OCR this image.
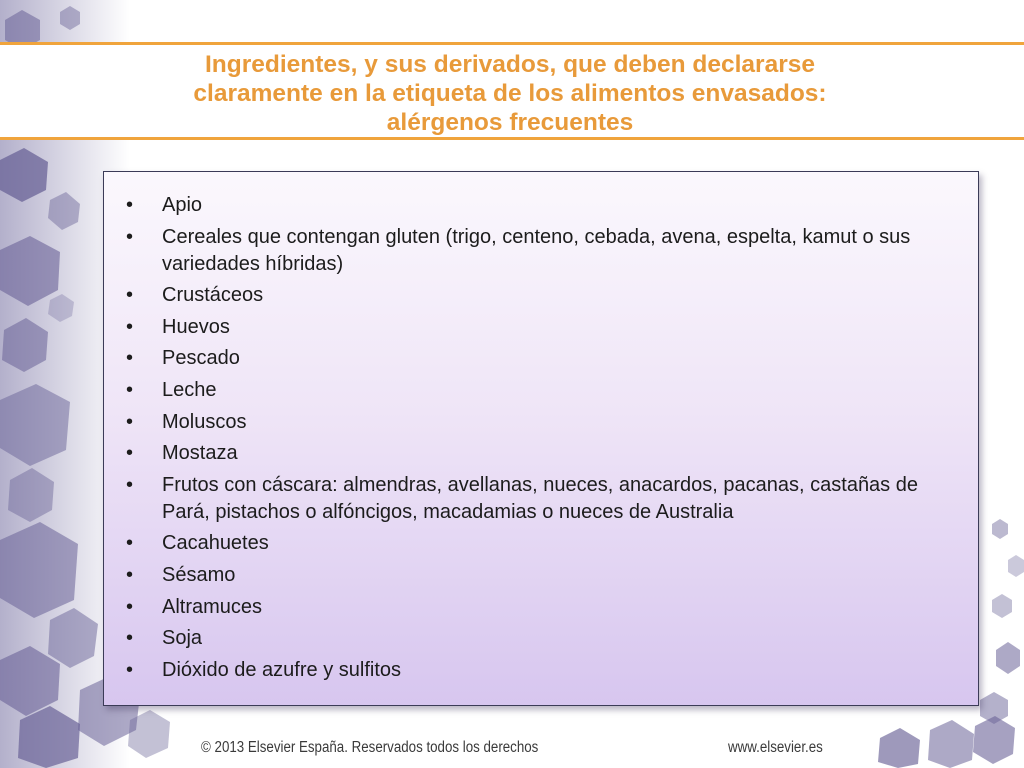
Ingredientes, y sus derivados, que deben declararse
claramente en la etiqueta de los alimentos envasados:
alérgenos frecuentes
•	Apio
•	Cereales que contengan gluten (trigo, centeno, cebada, avena, espelta, kamut o sus variedades híbridas)
•	Crustáceos
•	Huevos
•	Pescado
•	Leche
•	Moluscos
•	Mostaza
•	Frutos con cáscara: almendras, avellanas, nueces, anacardos, pacanas, castañas de Pará, pistachos o alfóncigos, macadamias o nueces de Australia
•	Cacahuetes
•	Sésamo
•	Altramuces
•	Soja
•	Dióxido de azufre y sulfitos
© 2013 Elsevier España. Reservados todos los derechos	www.elsevier.es
